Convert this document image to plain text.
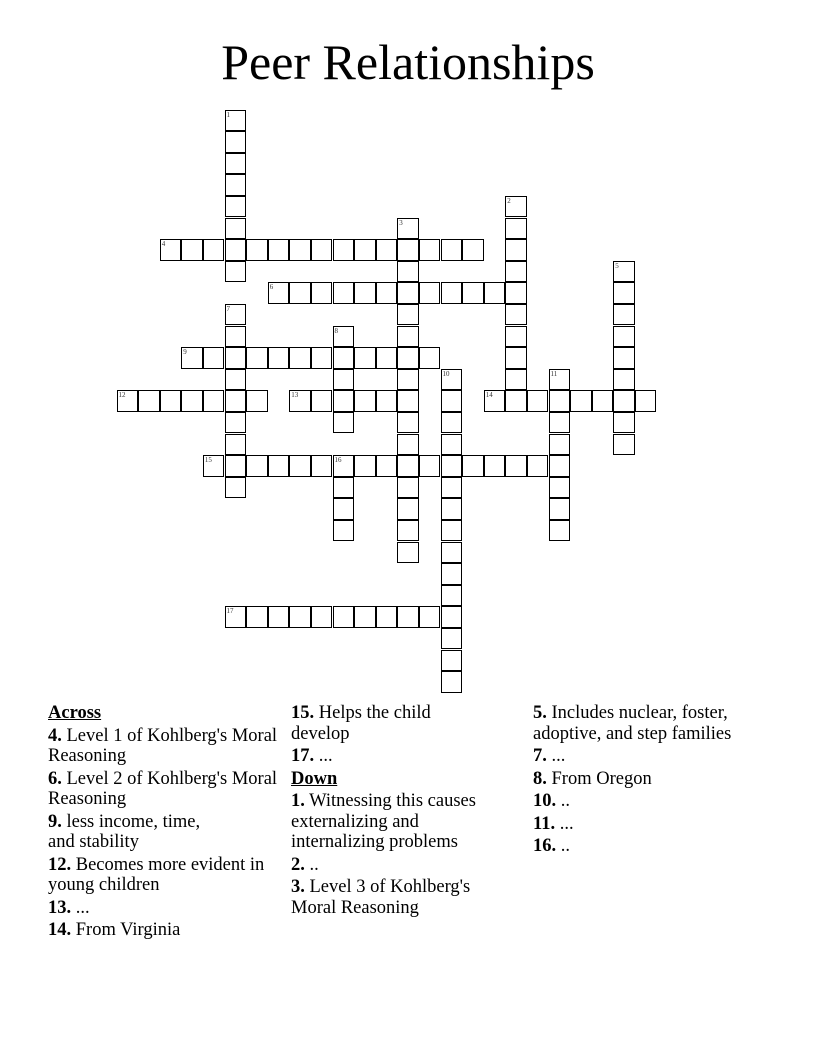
Peer Relationships
1
2
3
4
5
6
7
8
9
10	11
12	13	14
15	16
17
Across
4. Level 1 of Kohlberg's Moral Reasoning
6. Level 2 of Kohlberg's Moral Reasoning
9. less income, time, and stability
12. Becomes more evident in young children
13. ...
14. From Virginia
15. Helps the child develop
17. ...
Down
1. Witnessing this causes externalizing and internalizing problems
2. ..
3. Level 3 of Kohlberg's Moral Reasoning
5. Includes nuclear, foster, adoptive, and step families
7. ...
8. From Oregon
10. ..
11. ...
16. ..
